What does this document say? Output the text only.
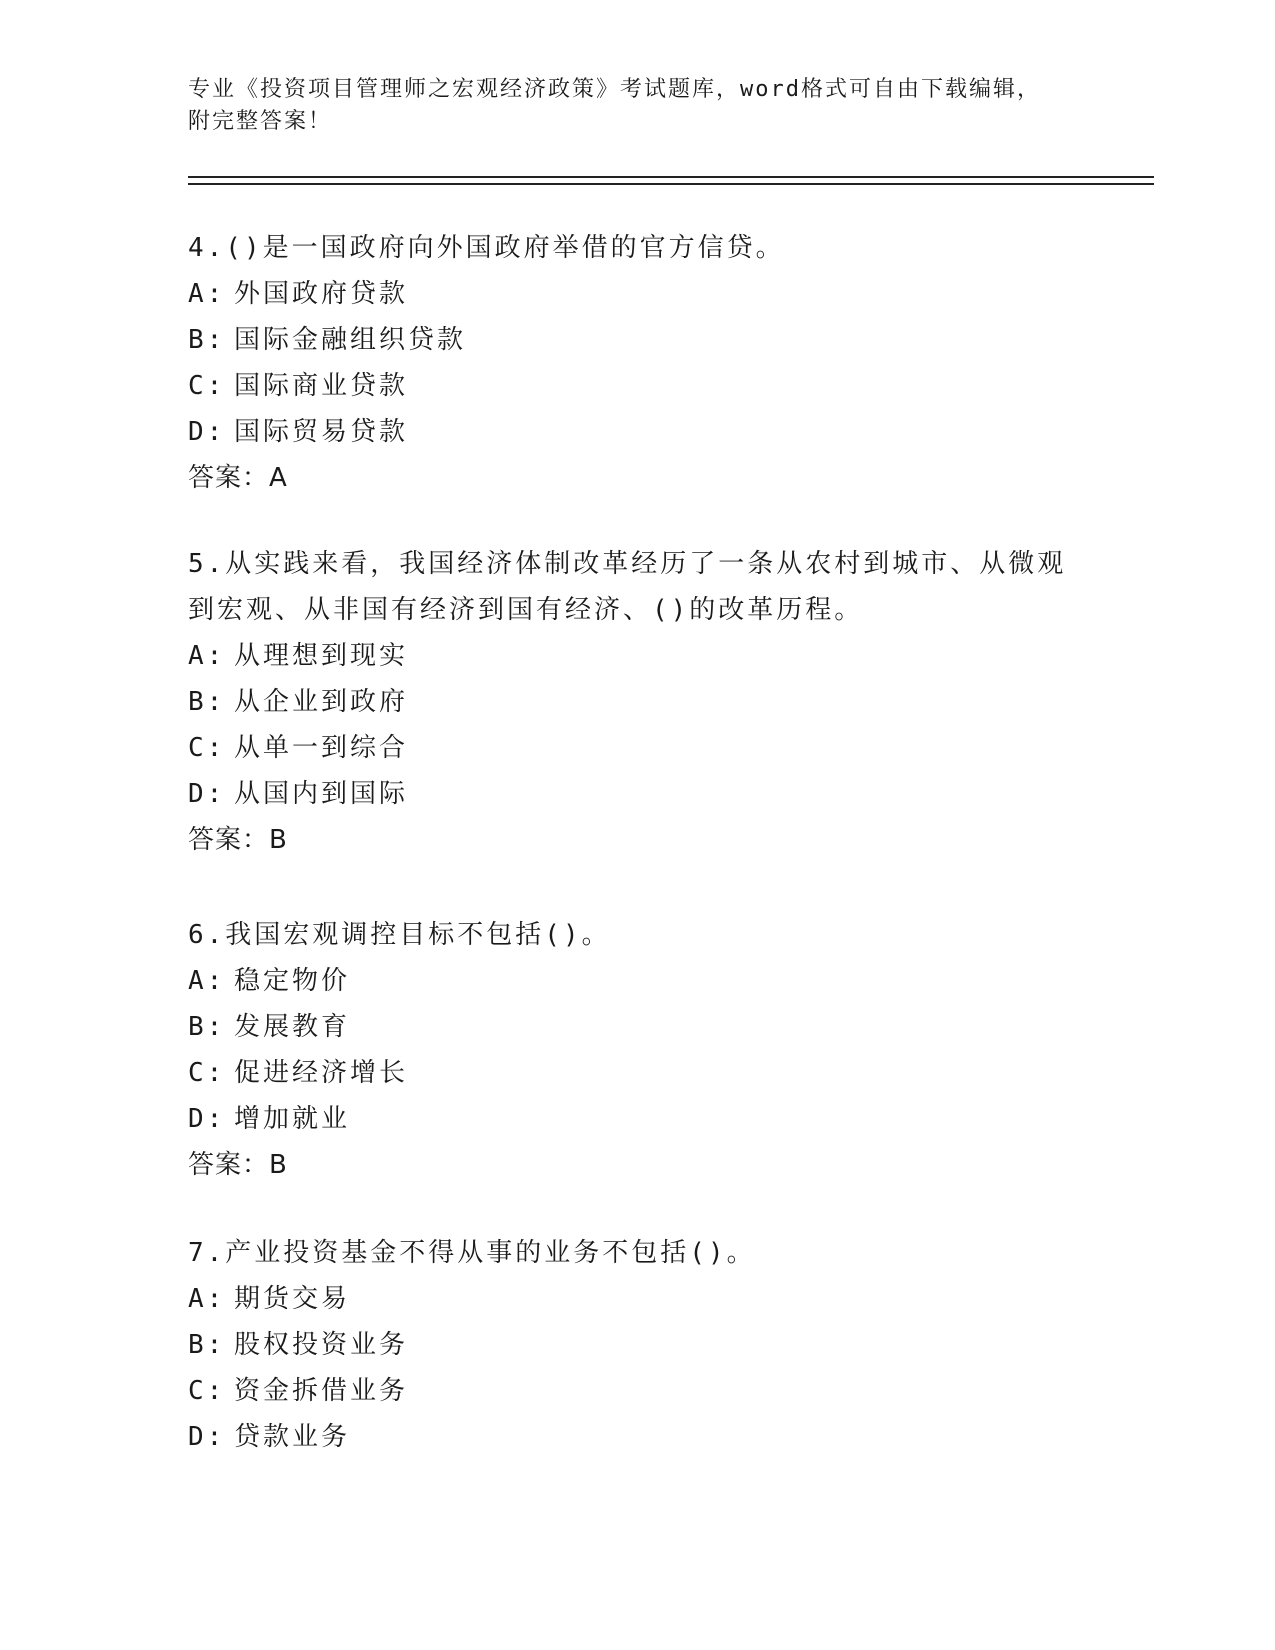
专业《投资项目管理师之宏观经济政策》考试题库，word格式可自由下载编辑，
附完整答案！

4.()是一国政府向外国政府举借的官方信贷。

A: 外国政府贷款

B: 国际金融组织贷款

C: 国际商业贷款

D: 国际贸易贷款

答案：A

5.从实践来看，我国经济体制改革经历了一条从农村到城市、从微观到宏观、从非国有经济到国有经济、()的改革历程。

A: 从理想到现实

B: 从企业到政府

C: 从单一到综合

D: 从国内到国际

答案：B

6.我国宏观调控目标不包括()。

A: 稳定物价

B: 发展教育

C: 促进经济增长

D: 增加就业

答案：B

7.产业投资基金不得从事的业务不包括()。

A: 期货交易

B: 股权投资业务

C: 资金拆借业务

D: 贷款业务
